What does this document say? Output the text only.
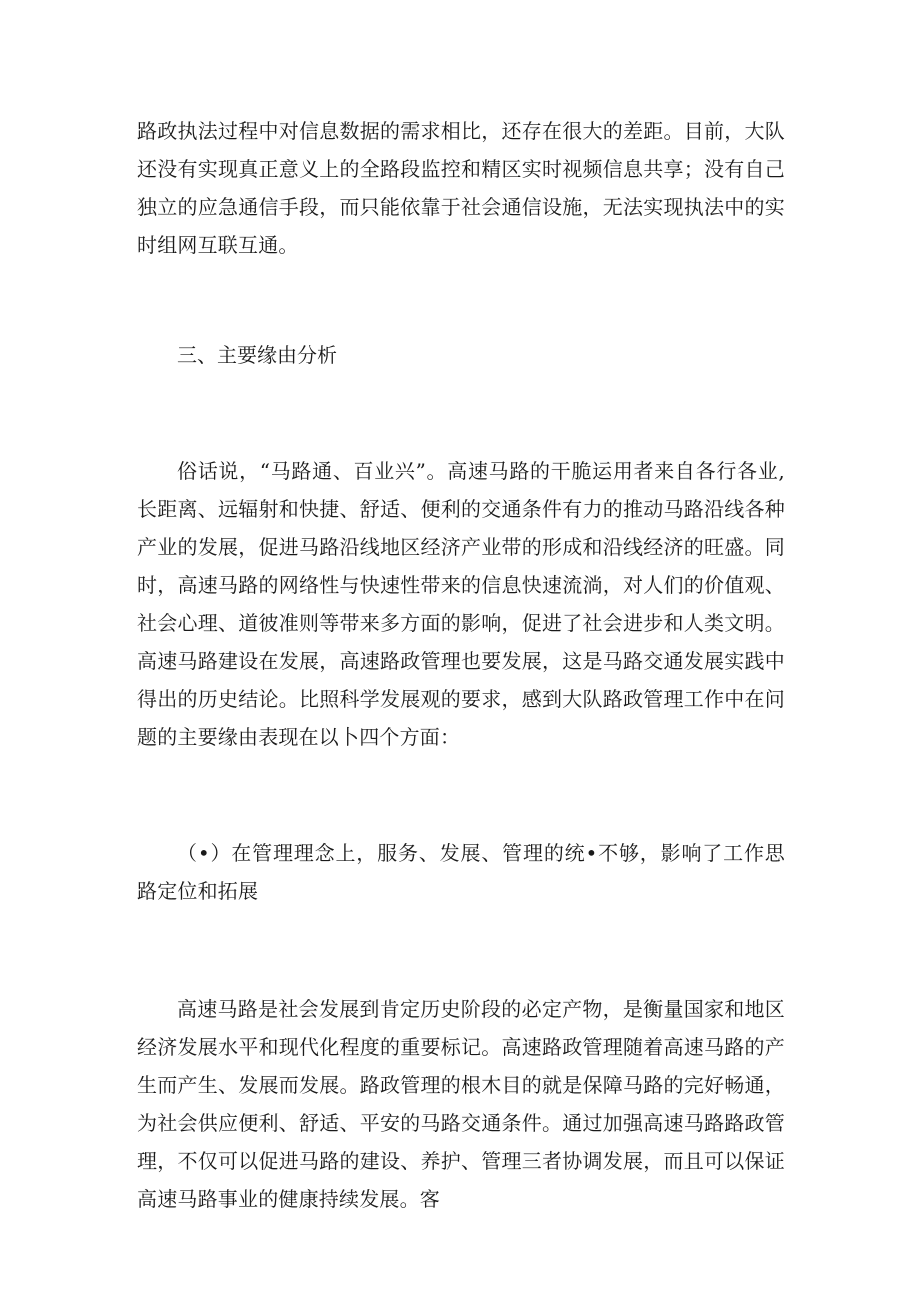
路政执法过程中对信息数据的需求相比，还存在很大的差距。目前，大队还没有实现真正意义上的全路段监控和精区实时视频信息共享；没有自己独立的应急通信手段，而只能依靠于社会通信设施，无法实现执法中的实时组网互联互通。

三、主要缘由分析

俗话说，“马路通、百业兴”。高速马路的干脆运用者来自各行各业,长距离、远辐射和快捷、舒适、便利的交通条件有力的推动马路沿线各种产业的发展，促进马路沿线地区经济产业带的形成和沿线经济的旺盛。同时，高速马路的网络性与快速性带来的信息快速流淌，对人们的价值观、社会心理、道彼准则等带来多方面的影响，促进了社会进步和人类文明。高速马路建设在发展，高速路政管理也要发展，这是马路交通发展实践中得出的历史结论。比照科学发展观的要求，感到大队路政管理工作中在问题的主要缘由表现在以卜四个方面：

（•）在管理理念上，服务、发展、管理的统•不够，影响了工作思路定位和拓展

高速马路是社会发展到肯定历史阶段的必定产物，是衡量国家和地区经济发展水平和现代化程度的重要标记。高速路政管理随着高速马路的产生而产生、发展而发展。路政管理的根木目的就是保障马路的完好畅通，为社会供应便利、舒适、平安的马路交通条件。通过加强高速马路路政管理，不仅可以促进马路的建设、养护、管理三者协调发展，而且可以保证高速马路事业的健康持续发展。客
